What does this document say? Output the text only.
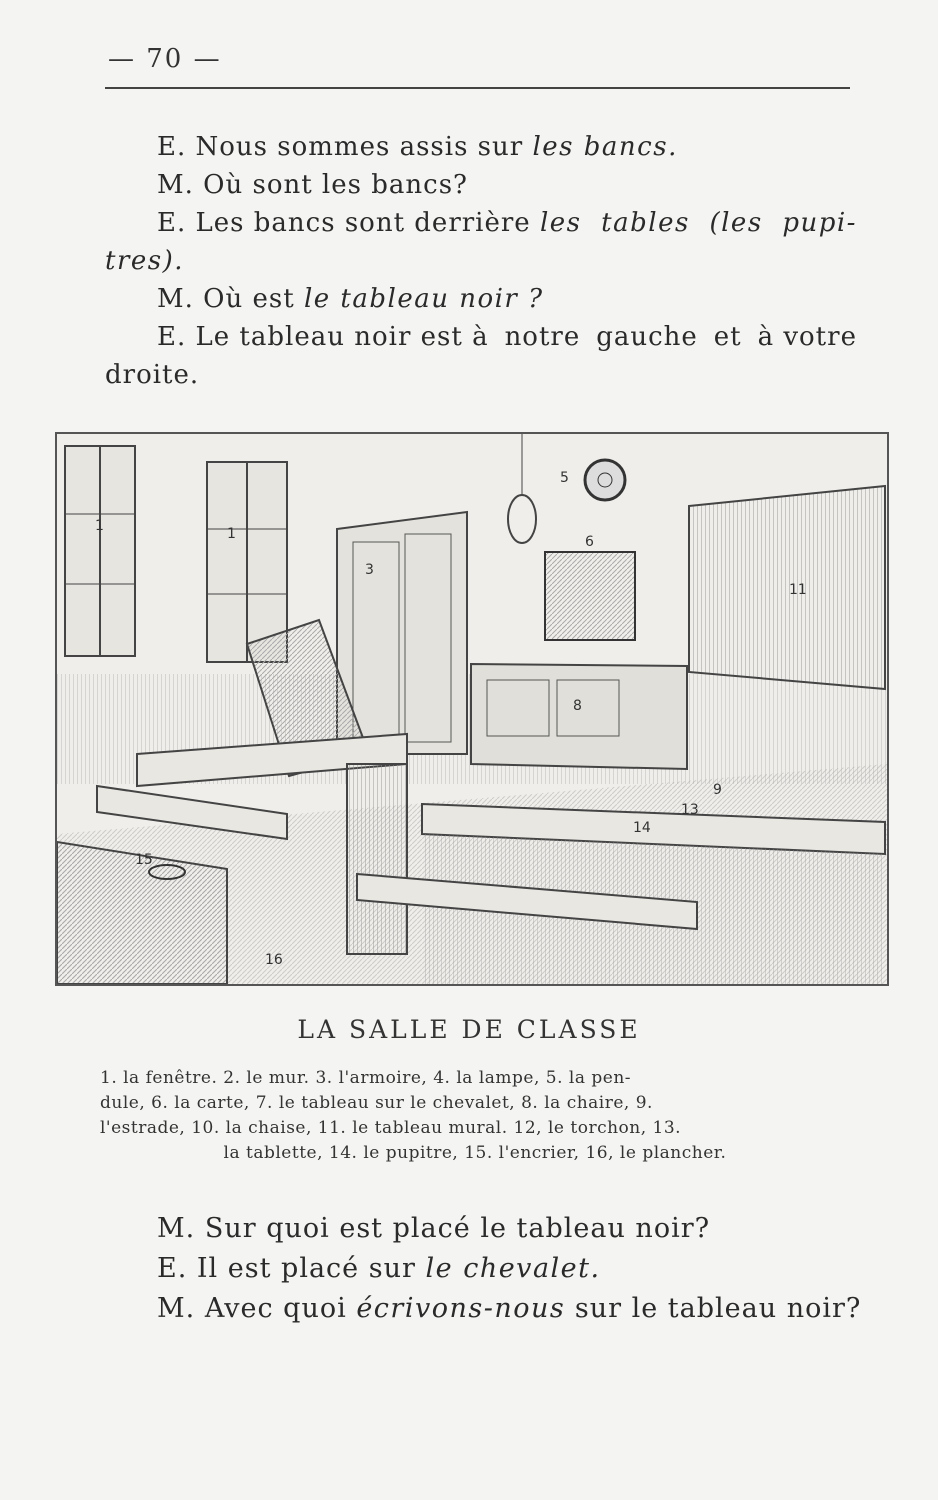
— 70 —
E. Nous sommes assis sur les bancs.
M. Où sont les bancs?
E. Les bancs sont derrière les tables (les pupi-
tres).
M. Où est le tableau noir ?
E. Le tableau noir est à notre gauche et à votre
droite.
1	1
3
5
6
11
8
9
13
14
15
16
LA SALLE DE CLASSE
1. la fenêtre. 2. le mur. 3. l'armoire, 4. la lampe, 5. la pen-
dule, 6. la carte, 7. le tableau sur le chevalet, 8. la chaire, 9.
l'estrade, 10. la chaise, 11. le tableau mural. 12, le torchon, 13.
la tablette, 14. le pupitre, 15. l'encrier, 16, le plancher.
M. Sur quoi est placé le tableau noir?
E. Il est placé sur le chevalet.
M. Avec quoi écrivons-nous sur le tableau noir?
